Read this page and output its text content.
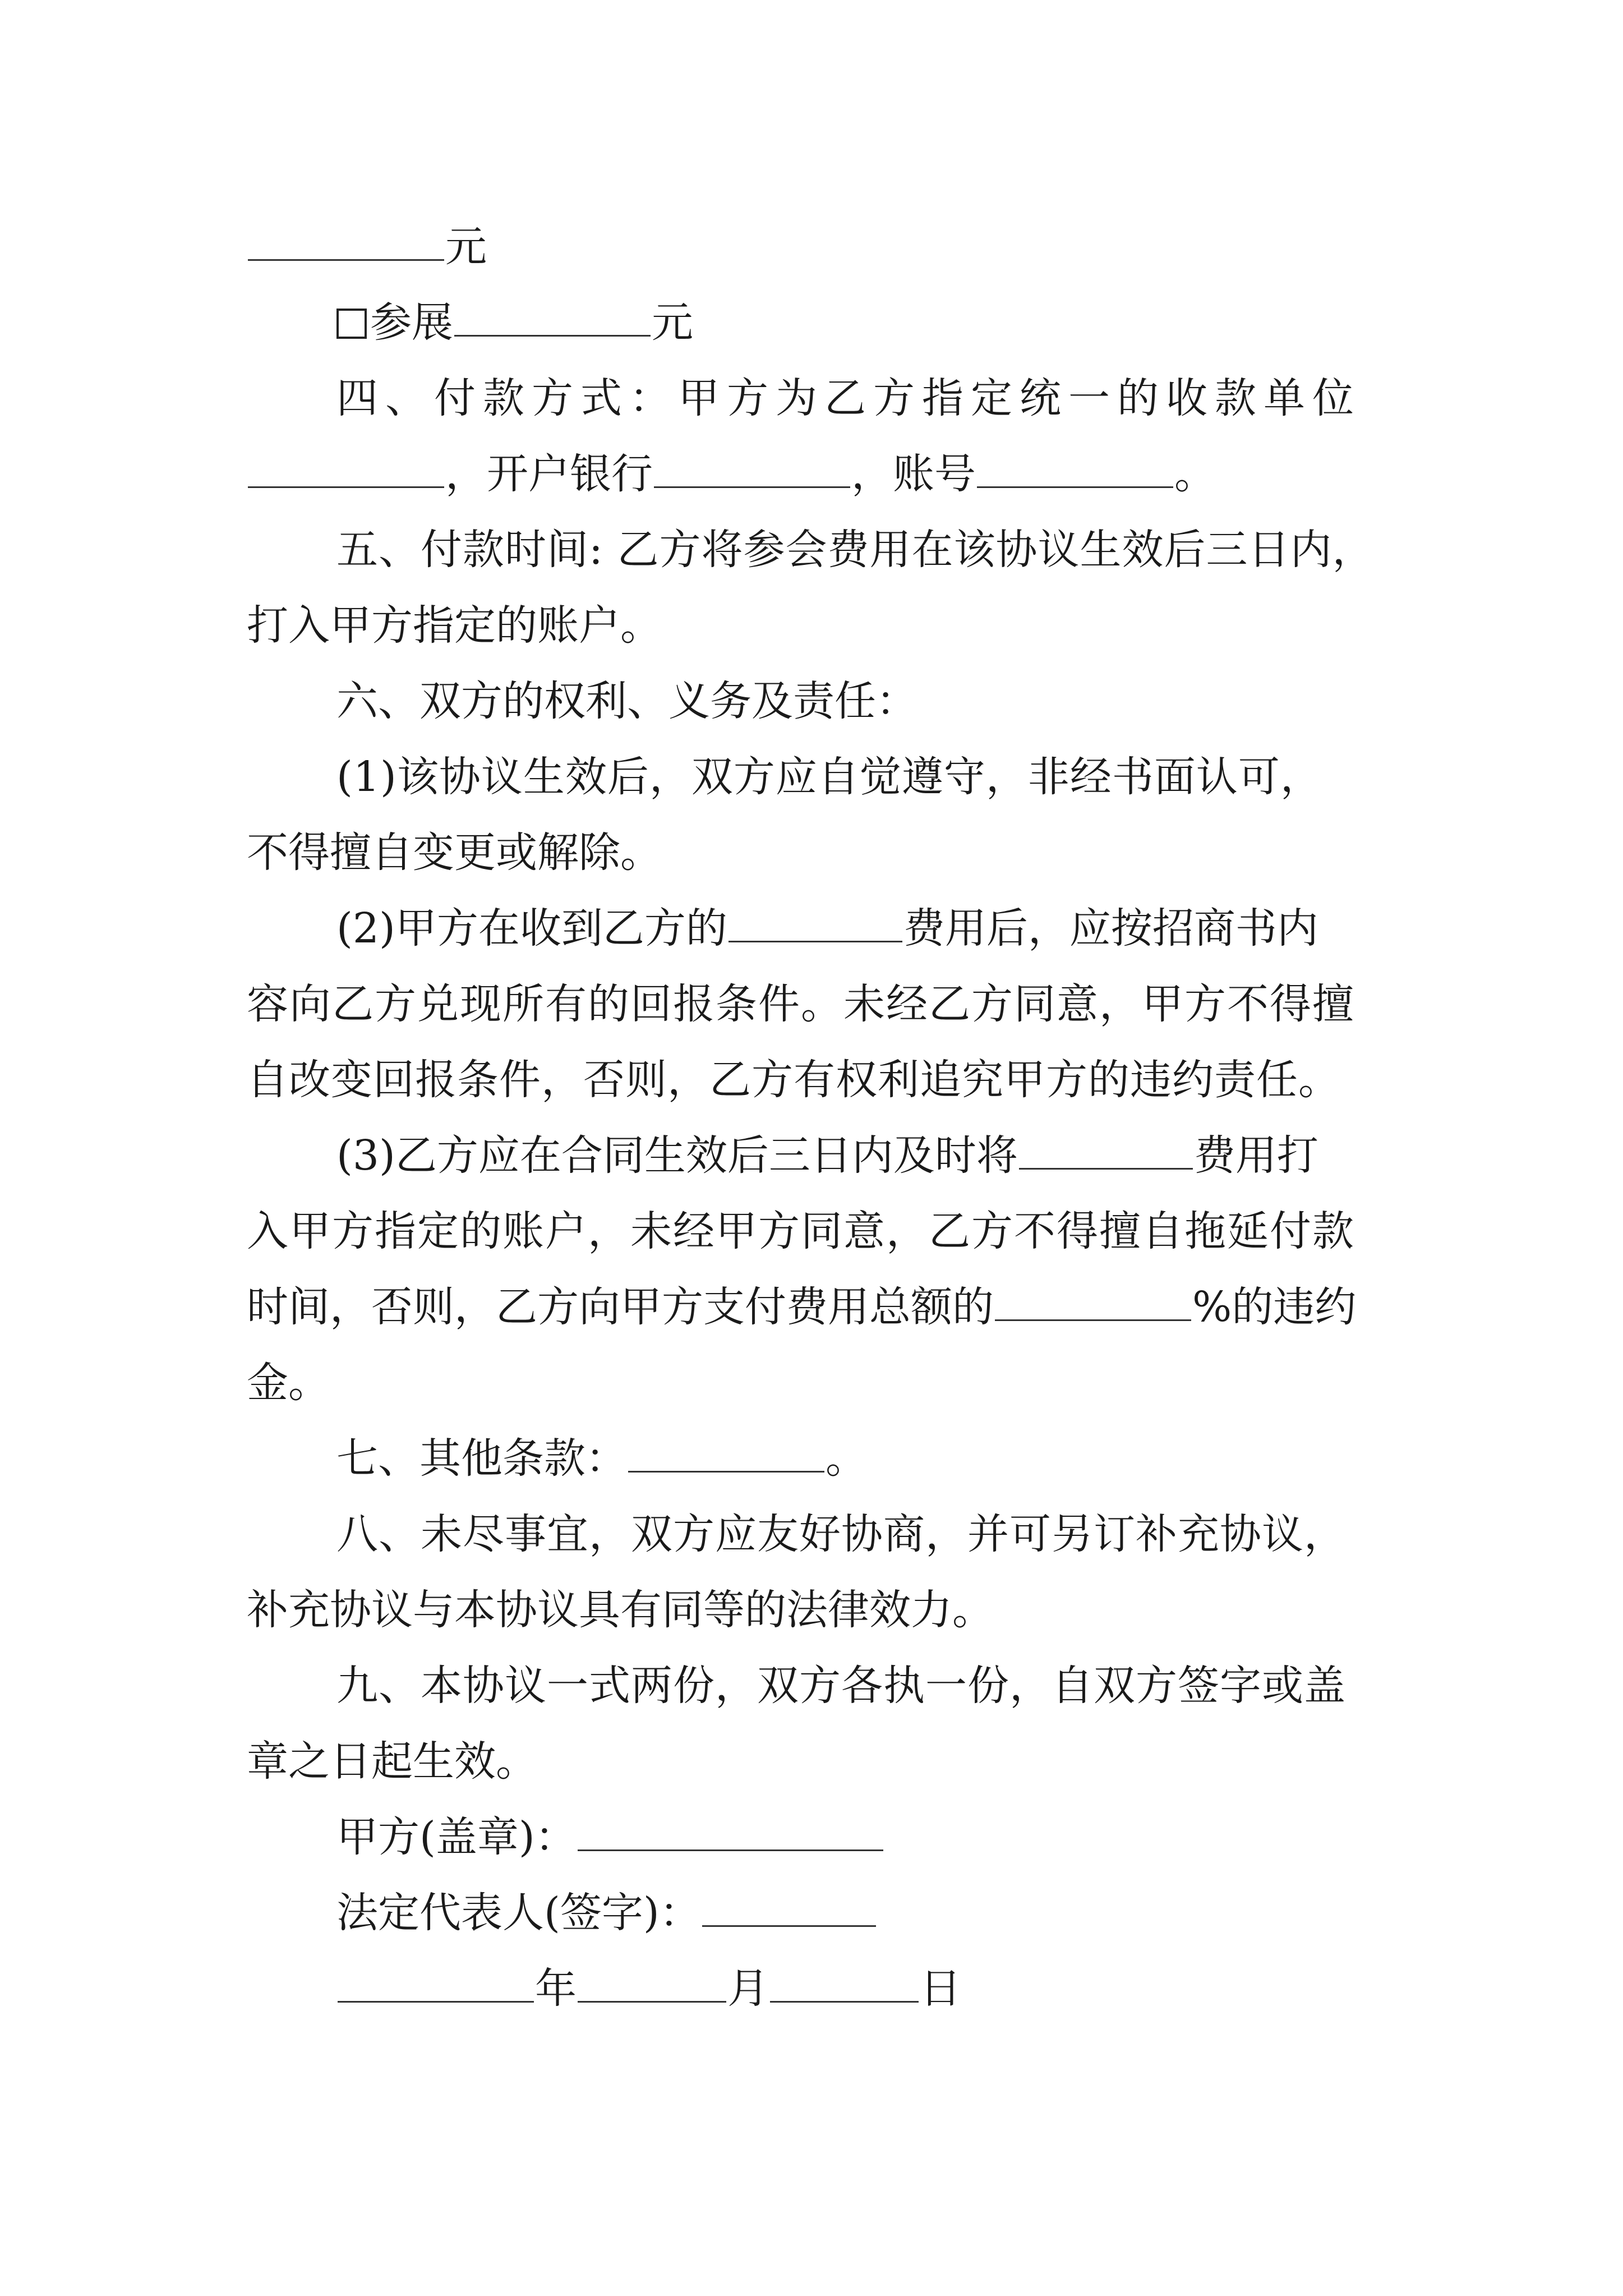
元
参展	元
四、付款方式：甲方为乙方指定统一的收款单位
，开户银行	，账号	。
五、付款时间: 乙方将参会费用在该协议生效后三日内，
打入甲方指定的账户。
六、双方的权利、义务及责任：
(1)该协议生效后，双方应自觉遵守，非经书面认可，
不得擅自变更或解除。
(2)甲方在收到乙方的	费用后，应按招商书内
容向乙方兑现所有的回报条件。未经乙方同意，甲方不得擅
自改变回报条件，否则，乙方有权利追究甲方的违约责任。
(3)乙方应在合同生效后三日内及时将	费用打
入甲方指定的账户，未经甲方同意，乙方不得擅自拖延付款
时间，否则，乙方向甲方支付费用总额的	%的违约
金。
七、其他条款：	。
八、未尽事宜，双方应友好协商，并可另订补充协议，
补充协议与本协议具有同等的法律效力。
九、本协议一式两份，双方各执一份，自双方签字或盖
章之日起生效。
甲方(盖章)：
法定代表人(签字)：
年	月	日
